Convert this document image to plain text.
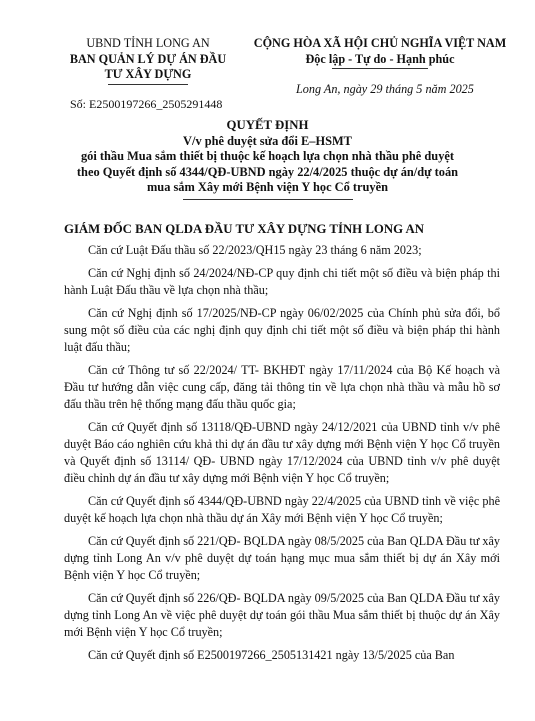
UBND TỈNH LONG AN
BAN QUẢN LÝ DỰ ÁN ĐẦU
TƯ XÂY DỰNG
Số: E2500197266_2505291448
CỘNG HÒA XÃ HỘI CHỦ NGHĨA VIỆT NAM
Độc lập - Tự do - Hạnh phúc
Long An, ngày 29 tháng 5 năm 2025
QUYẾT ĐỊNH
V/v phê duyệt sửa đổi E–HSMT
gói thầu Mua sắm thiết bị thuộc kế hoạch lựa chọn nhà thầu phê duyệt
theo Quyết định số 4344/QĐ-UBND ngày 22/4/2025 thuộc dự án/dự toán
mua sắm Xây mới Bệnh viện Y học Cổ truyền
GIÁM ĐỐC BAN QLDA ĐẦU TƯ XÂY DỰNG TỈNH LONG AN

Căn cứ Luật Đấu thầu số 22/2023/QH15 ngày 23 tháng 6 năm 2023;

Căn cứ Nghị định số 24/2024/NĐ-CP quy định chi tiết một số điều và biện pháp thi hành Luật Đấu thầu về lựa chọn nhà thầu;

Căn cứ Nghị định số 17/2025/NĐ-CP ngày 06/02/2025 của Chính phủ sửa đổi, bổ sung một số điều của các nghị định quy định chi tiết một số điều và biện pháp thi hành luật đấu thầu;

Căn cứ Thông tư số 22/2024/ TT- BKHĐT ngày 17/11/2024 của Bộ Kế hoạch và Đầu tư hướng dẫn việc cung cấp, đăng tải thông tin về lựa chọn nhà thầu và mẫu hồ sơ đấu thầu trên hệ thống mạng đấu thầu quốc gia;

Căn cứ Quyết định số 13118/QĐ-UBND ngày 24/12/2021 của UBND tỉnh v/v phê duyệt Báo cáo nghiên cứu khả thi dự án đầu tư xây dựng mới Bệnh viện Y học Cổ truyền và Quyết định số 13114/ QĐ- UBND ngày 17/12/2024 của UBND tỉnh v/v phê duyệt điều chỉnh dự án đầu tư xây dựng mới Bệnh viện Y học Cổ truyền;

Căn cứ Quyết định số 4344/QĐ-UBND ngày 22/4/2025 của UBND tỉnh về việc phê duyệt kế hoạch lựa chọn nhà thầu dự án Xây mới Bệnh viện Y học Cổ truyền;

Căn cứ Quyết định số 221/QĐ- BQLDA ngày 08/5/2025 của Ban QLDA Đầu tư xây dựng tỉnh Long An v/v phê duyệt dự toán hạng mục mua sắm thiết bị dự án Xây mới Bệnh viện Y học Cổ truyền;

Căn cứ Quyết định số 226/QĐ- BQLDA ngày 09/5/2025 của Ban QLDA Đầu tư xây dựng tỉnh Long An về việc phê duyệt dự toán gói thầu Mua sắm thiết bị thuộc dự án Xây mới Bệnh viện Y học Cổ truyền;

Căn cứ Quyết định số E2500197266_2505131421 ngày 13/5/2025 của Ban
